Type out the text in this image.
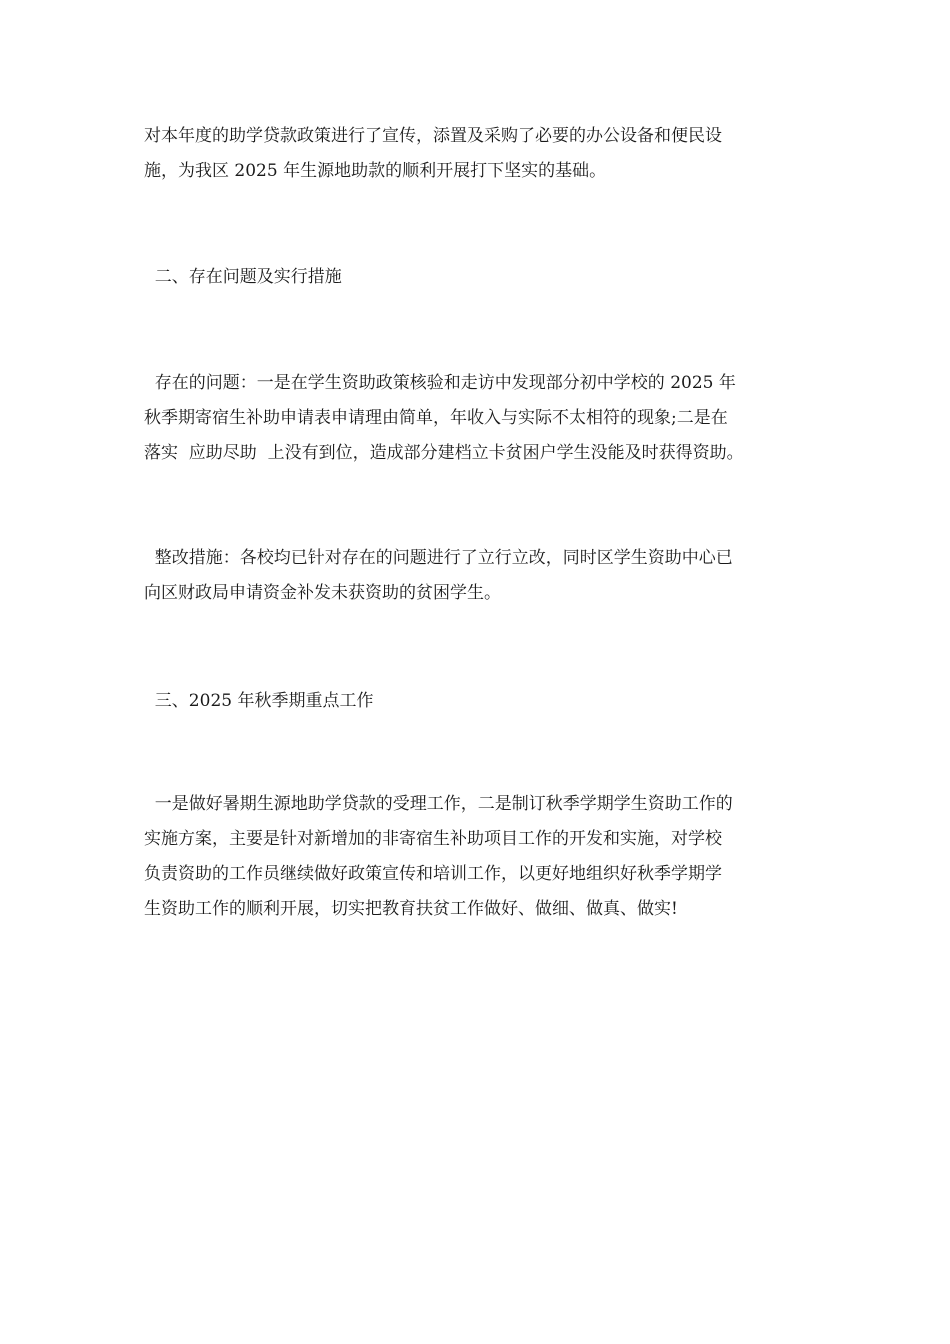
对本年度的助学贷款政策进行了宣传，添置及采购了必要的办公设备和便民设
施，为我区 2025 年生源地助款的顺利开展打下坚实的基础。
二、存在问题及实行措施
存在的问题：一是在学生资助政策核验和走访中发现部分初中学校的 2025 年
秋季期寄宿生补助申请表申请理由简单，年收入与实际不太相符的现象;二是在
落实  应助尽助  上没有到位，造成部分建档立卡贫困户学生没能及时获得资助。
整改措施：各校均已针对存在的问题进行了立行立改，同时区学生资助中心已
向区财政局申请资金补发未获资助的贫困学生。
三、2025 年秋季期重点工作
一是做好暑期生源地助学贷款的受理工作，二是制订秋季学期学生资助工作的
实施方案，主要是针对新增加的非寄宿生补助项目工作的开发和实施，对学校
负责资助的工作员继续做好政策宣传和培训工作，以更好地组织好秋季学期学
生资助工作的顺利开展，切实把教育扶贫工作做好、做细、做真、做实!
